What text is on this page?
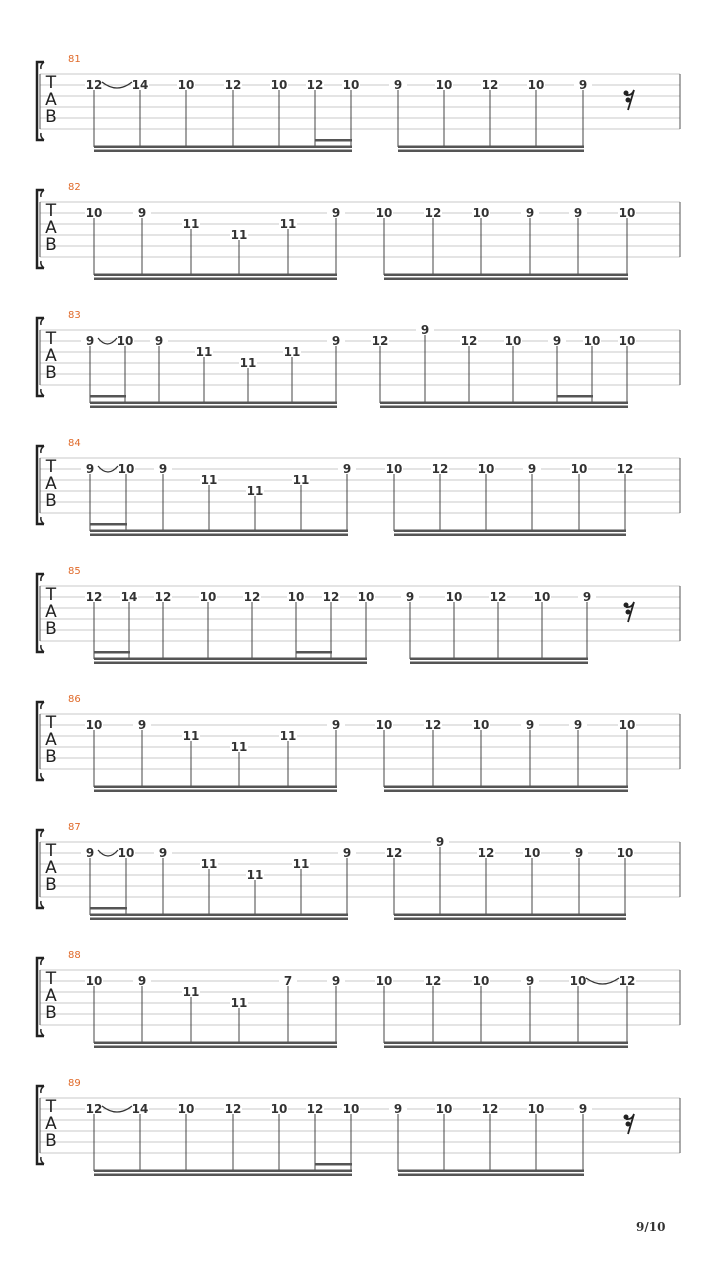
T
A
B
81
12 14 10	12 10 12 10	9	10 12 10	9
T
A
B
82
10	9
11
11
11
9	10	12	10	9	9	10
T
A
B
83
9 10 9
11
11
11
9	12
9
12 10	9 10 10
T
A
B
84
9 10 9
11
11
11
9	10 12 10	9	10 12
T
A
B
85
12 14 12 10 12 10 12 10	9	10 12 10	9
T
A
B
86
10	9
11
11
11
9	10	12	10	9	9	10
T
A
B
87
9 10 9
11
11
11
9	12
9
12 10	9	10
T
A
B
88
10	9
11
11
7	9	10	12	10	9	10	12
T
A
B
89
12 14 10	12 10 12 10	9	10 12 10	9
9/10
